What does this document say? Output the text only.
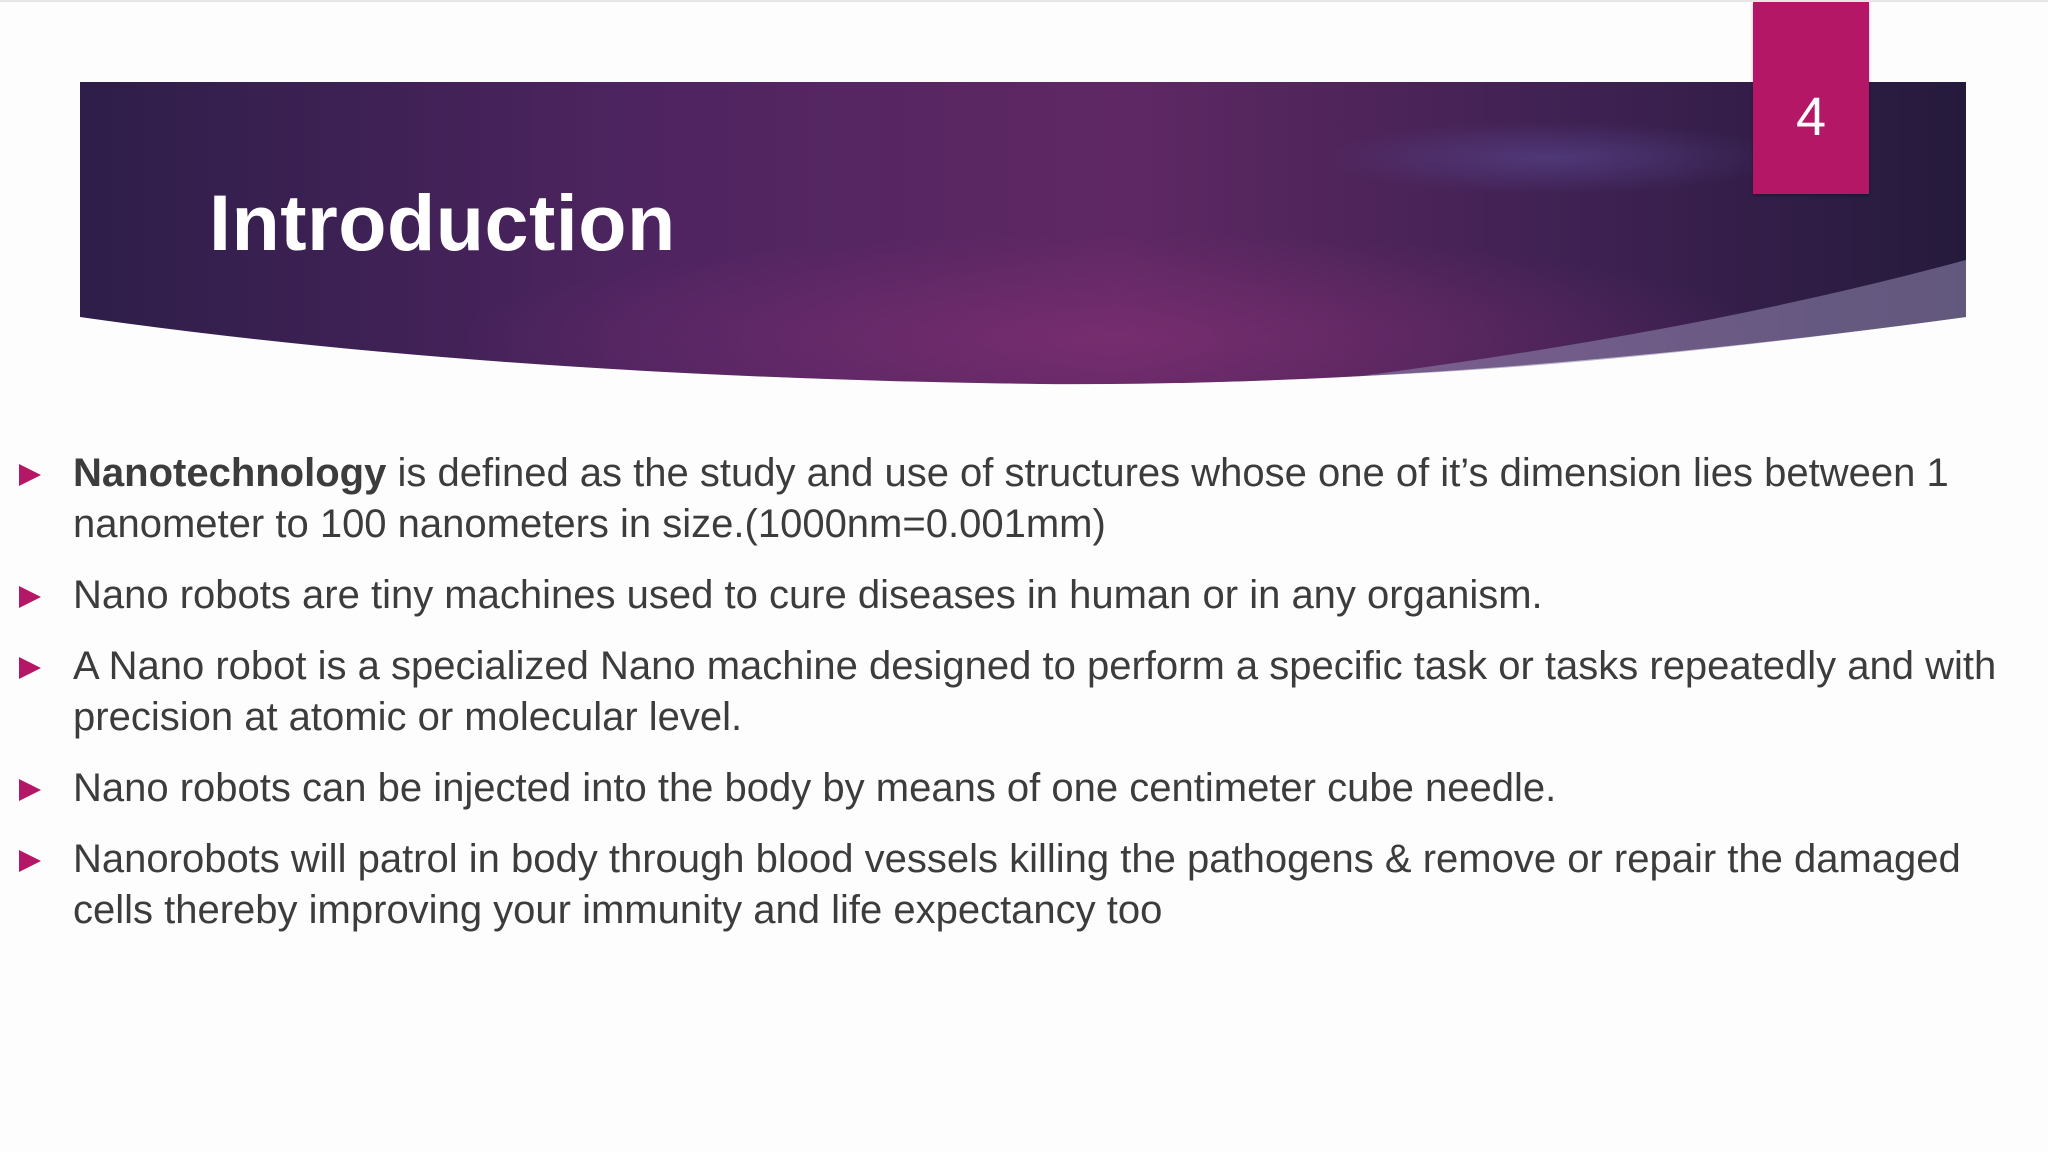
Introduction
4
Nanotechnology is defined as the study and use of structures whose one of it’s dimension lies between 1 nanometer to 100 nanometers in size.(1000nm=0.001mm)
Nano robots are tiny machines used to cure diseases in human or in any organism.
A Nano robot is a specialized Nano machine designed to perform a specific task or tasks repeatedly and with precision at atomic or molecular level.
Nano robots can be injected into the body by means of one centimeter cube needle.
Nanorobots will patrol in body through blood vessels killing the pathogens & remove or repair the damaged cells thereby improving your immunity and life expectancy too
